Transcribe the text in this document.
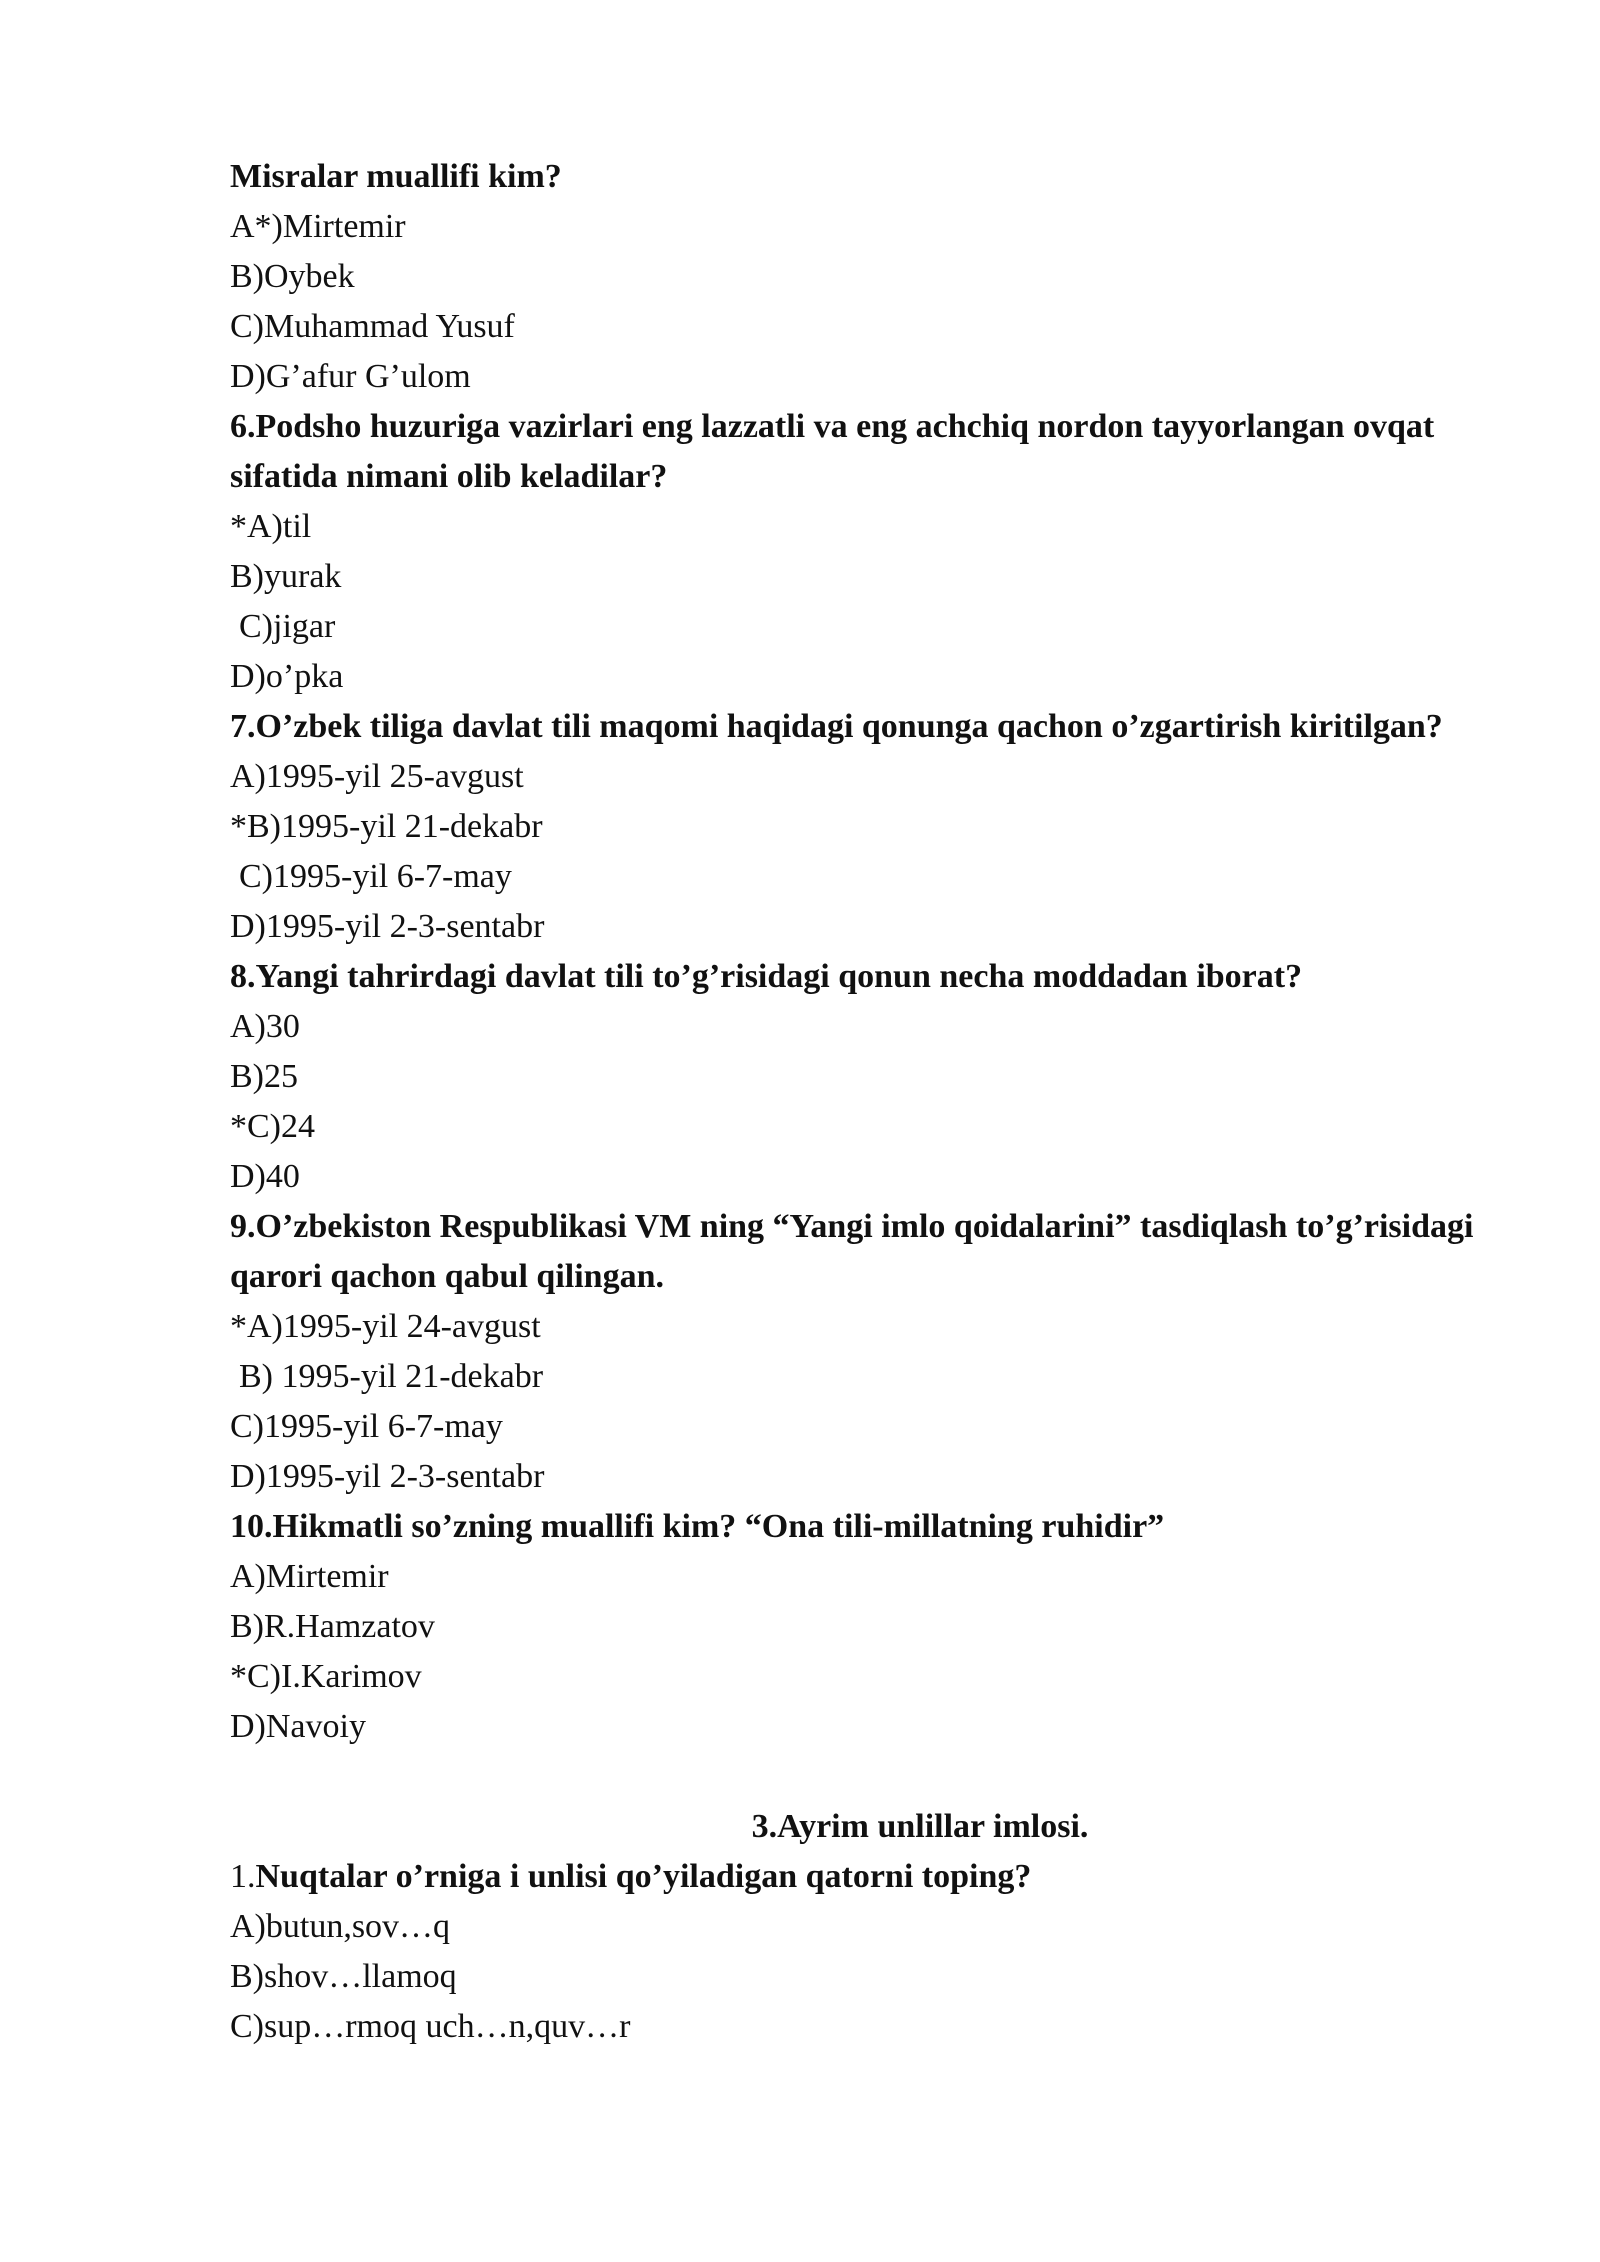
Misralar muallifi kim?

A*)Mirtemir

B)Oybek

C)Muhammad Yusuf

D)G’afur G’ulom

6.Podsho huzuriga vazirlari eng lazzatli va eng achchiq nordon tayyorlangan ovqat sifatida nimani olib keladilar?

*A)til

B)yurak

C)jigar

D)o’pka

7.O’zbek tiliga davlat tili maqomi haqidagi qonunga qachon o’zgartirish kiritilgan?

A)1995-yil 25-avgust

*B)1995-yil 21-dekabr

C)1995-yil 6-7-may

D)1995-yil 2-3-sentabr

8.Yangi tahrirdagi davlat tili to’g’risidagi qonun necha moddadan iborat?

A)30

B)25

*C)24

D)40

9.O’zbekiston Respublikasi VM ning “Yangi imlo qoidalarini” tasdiqlash to’g’risidagi qarori qachon qabul qilingan.

*A)1995-yil 24-avgust

B) 1995-yil 21-dekabr

C)1995-yil 6-7-may

D)1995-yil 2-3-sentabr

10.Hikmatli so’zning muallifi kim? “Ona tili-millatning ruhidir”

A)Mirtemir

B)R.Hamzatov

*C)I.Karimov

D)Navoiy

3.Ayrim unlillar imlosi.

1.Nuqtalar o’rniga i unlisi qo’yiladigan qatorni toping?

A)butun,sov…q

B)shov…llamoq

C)sup…rmoq uch…n,quv…r
